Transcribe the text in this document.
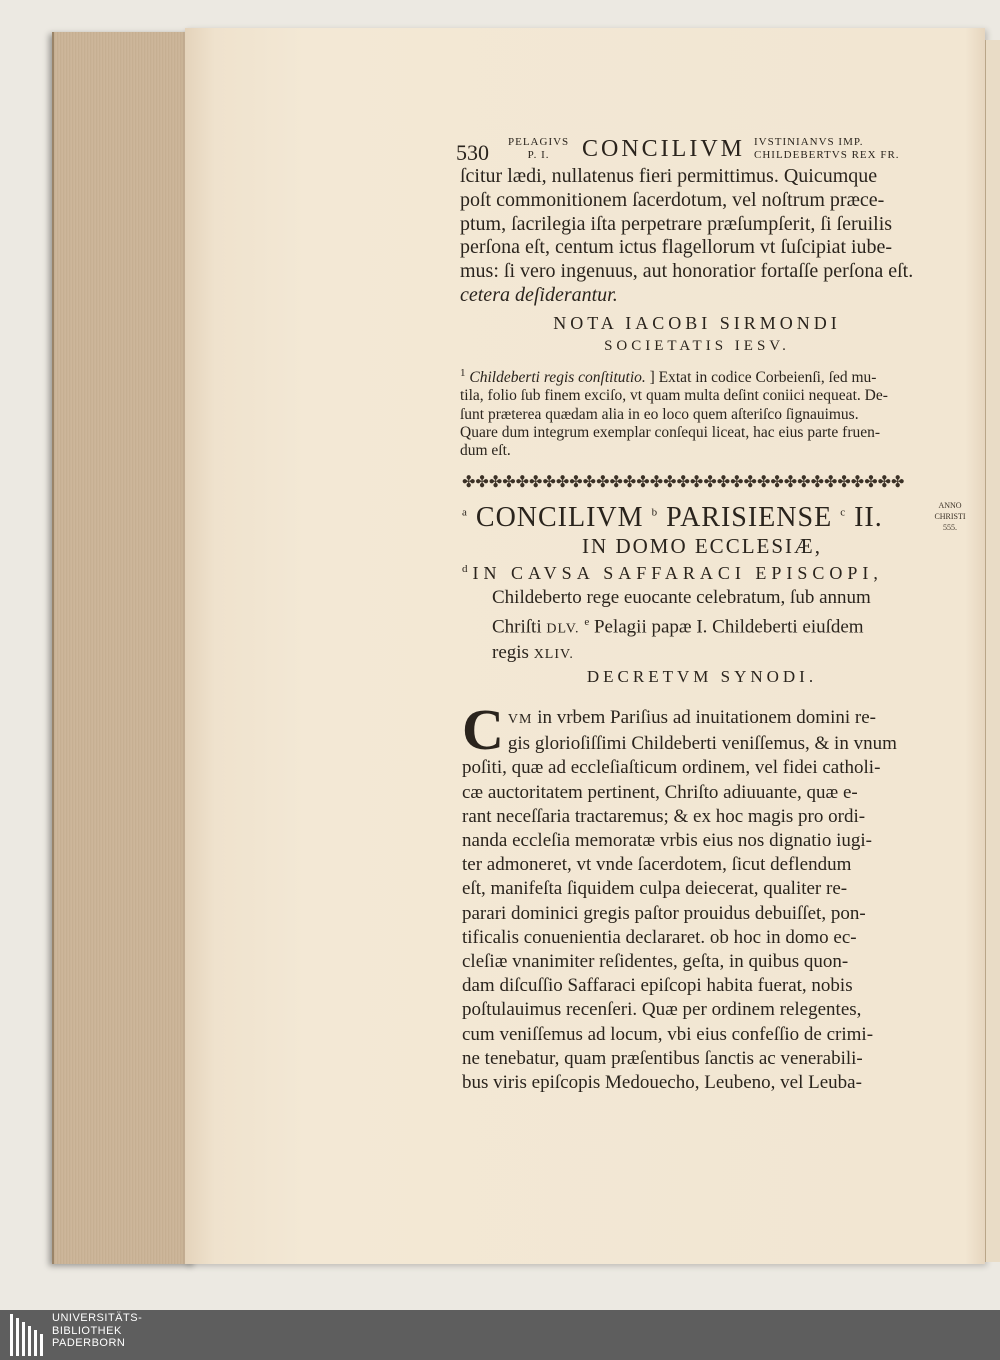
530 PELAGIVS
P. I.	CONCILIVM IVSTINIANVS IMP.
CHILDEBERTVS REX FR.

ſcitur lædi, nullatenus fieri permittimus. Quicumque

poſt commonitionem ſacerdotum, vel noſtrum præce-

ptum, ſacrilegia iſta perpetrare præſumpſerit, ſi ſeruilis

perſona eſt, centum ictus flagellorum vt ſuſcipiat iube-

mus: ſi vero ingenuus, aut honoratior fortaſſe perſona eſt.

cetera deſiderantur.

NOTA IACOBI SIRMONDI
SOCIETATIS IESV.

$^1$ Childeberti regis conſtitutio. ] Extat in codice Corbeienſi, ſed mu-

tila, folio ſub finem exciſo, vt quam multa deſint coniici nequeat. De-

ſunt præterea quædam alia in eo loco quem aſteriſco ſignauimus.

Quare dum integrum exemplar conſequi liceat, hac eius parte fruen-

dum eſt.

✤✤✤✤✤✤✤✤✤✤✤✤✤✤✤✤✤✤✤✤✤✤✤✤✤✤✤✤✤✤✤✤✤
ANNO
CHRISTI
555.
$^a$ CONCILIVM $^b$ PARISIENSE $^c$ II.
IN DOMO ECCLESIÆ,
$^d$IN CAVSA SAFFARACI EPISCOPI,
Childeberto rege euocante celebratum, ſub annum
Chriſti DLV. $^e$ Pelagii papæ I. Childeberti eiuſdem
regis XLIV.
DECRETVM SYNODI.
C VM in vrbem Pariſius ad inuitationem domini re-

gis glorioſiſſimi Childeberti veniſſemus, & in vnum

poſiti, quæ ad eccleſiaſticum ordinem, vel fidei catholi-

cæ auctoritatem pertinent, Chriſto adiuuante, quæ e-

rant neceſſaria tractaremus; & ex hoc magis pro ordi-

nanda eccleſia memoratæ vrbis eius nos dignatio iugi-

ter admoneret, vt vnde ſacerdotem, ſicut deflendum

eſt, manifeſta ſiquidem culpa deiecerat, qualiter re-

parari dominici gregis paſtor prouidus debuiſſet, pon-

tificalis conuenientia declararet. ob hoc in domo ec-

cleſiæ vnanimiter reſidentes, geſta, in quibus quon-

dam diſcuſſio Saffaraci epiſcopi habita fuerat, nobis

poſtulauimus recenſeri. Quæ per ordinem relegentes,

cum veniſſemus ad locum, vbi eius confeſſio de crimi-

ne tenebatur, quam præſentibus ſanctis ac venerabili-

bus viris epiſcopis Medouecho, Leubeno, vel Leuba-

UNIVERSITÄTS-
BIBLIOTHEK
PADERBORN
